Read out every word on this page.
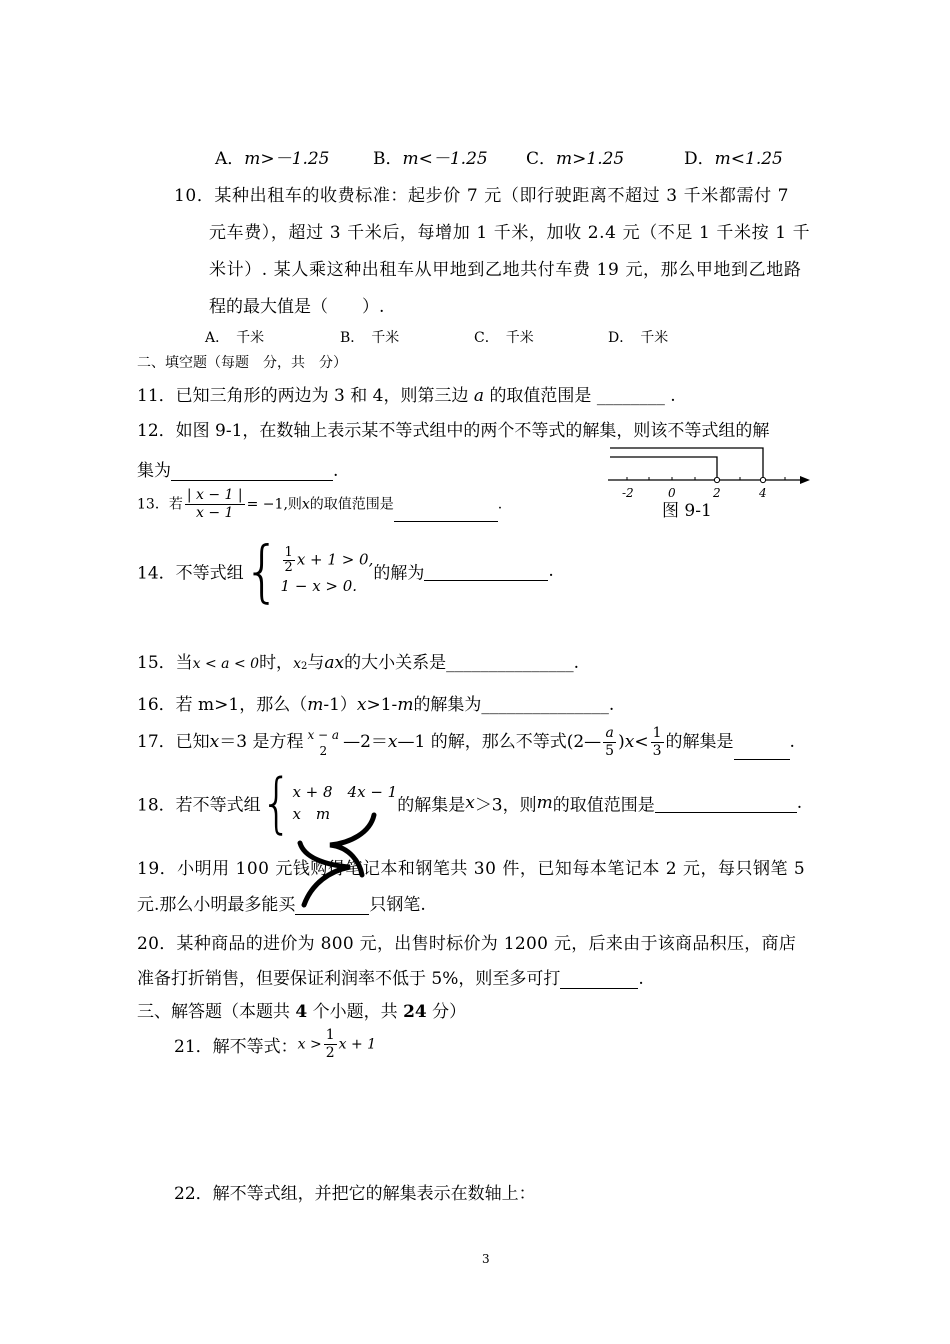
A．m>－1.25	B．m<－1.25 C．m>1.25	D．m<1.25
10．某种出租车的收费标准：起步价 7 元（即行驶距离不超过 3 千米都需付 7
元车费），超过 3 千米后，每增加 1 千米，加收 2.4 元（不足 1 千米按 1 千
米计）. 某人乘这种出租车从甲地到乙地共付车费 19 元，那么甲地到乙地路
程的最大值是（　　）.
A．　千米	B．　千米	C．　千米	D．　千米
二、填空题（每题　分，共　分）
11．已知三角形的两边为 3 和 4，则第三边 a 的取值范围是 ________ .
12．如图 9-1，在数轴上表示某不等式组中的两个不等式的解集，则该不等式组的解
集为	.
-2	0	2	4
图 9-1
13．若 $\frac{| x - 1 |}{x - 1} = -1$,则x的取值范围是	.
14．不等式组{ $\frac{1}{2}$ x + 1 > 0,
1 − x > 0.
的解为	.
15．当x < a < 0时，x2与ax的大小关系是_______________.
16．若 m>1，那么（m-1）x>1-m的解集为_______________.
17．已知x＝3 是方程 x − a
2 —2＝x—1 的解，那么不等式(2— $\frac{a}{5} )x< \frac{1}{3}$ 的解集是	.
18．若不等式组{ x + 8　4x − 1
x　m	的解集是x＞3，则m的取值范围是	.
19．小明用 100 元钱购得笔记本和钢笔共 30 件，已知每本笔记本 2 元，每只钢笔 5
元.那么小明最多能买	只钢笔.
20．某种商品的进价为 800 元，出售时标价为 1200 元，后来由于该商品积压，商店
准备打折销售，但要保证利润率不低于 5%，则至多可打	.
三、解答题（本题共 4 个小题，共 24 分）
21．解不等式：$x > \frac{1}{2}$ x + 1
22．解不等式组，并把它的解集表示在数轴上：
3
